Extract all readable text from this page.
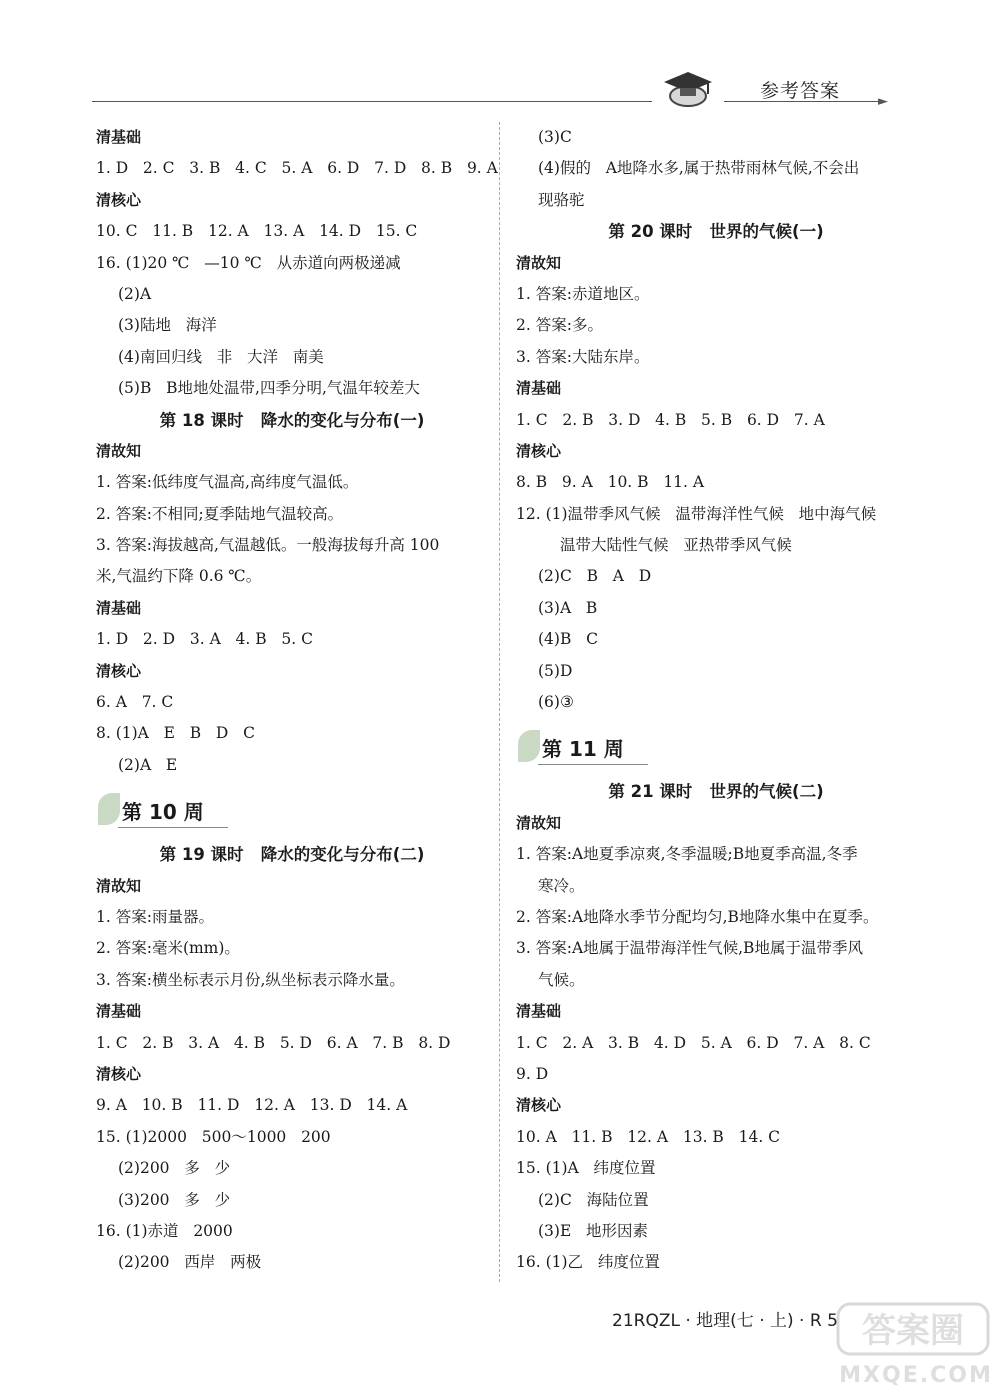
参考答案	►
清基础
1. D   2. C   3. B   4. C   5. A   6. D   7. D   8. B   9. A
清核心
10. C   11. B   12. A   13. A   14. D   15. C
16. (1)20 ℃   —10 ℃   从赤道向两极递减
(2)A
(3)陆地   海洋
(4)南回归线   非   大洋   南美
(5)B   B地地处温带,四季分明,气温年较差大
第 18 课时   降水的变化与分布(一)
清故知
1. 答案:低纬度气温高,高纬度气温低。
2. 答案:不相同;夏季陆地气温较高。
3. 答案:海拔越高,气温越低。一般海拔每升高 100
米,气温约下降 0.6 ℃。
清基础
1. D   2. D   3. A   4. B   5. C
清核心
6. A   7. C
8. (1)A   E   B   D   C
(2)A   E
第 10 周
第 19 课时   降水的变化与分布(二)
清故知
1. 答案:雨量器。
2. 答案:毫米(mm)。
3. 答案:横坐标表示月份,纵坐标表示降水量。
清基础
1. C   2. B   3. A   4. B   5. D   6. A   7. B   8. D
清核心
9. A   10. B   11. D   12. A   13. D   14. A
15. (1)2000   500～1000   200
(2)200   多   少
(3)200   多   少
16. (1)赤道   2000
(2)200   西岸   两极
(3)C
(4)假的   A地降水多,属于热带雨林气候,不会出
现骆驼
第 20 课时   世界的气候(一)
清故知
1. 答案:赤道地区。
2. 答案:多。
3. 答案:大陆东岸。
清基础
1. C   2. B   3. D   4. B   5. B   6. D   7. A
清核心
8. B   9. A   10. B   11. A
12. (1)温带季风气候   温带海洋性气候   地中海气候
温带大陆性气候   亚热带季风气候
(2)C   B   A   D
(3)A   B
(4)B   C
(5)D
(6)③
第 11 周
第 21 课时   世界的气候(二)
清故知
1. 答案:A地夏季凉爽,冬季温暖;B地夏季高温,冬季
寒冷。
2. 答案:A地降水季节分配均匀,B地降水集中在夏季。
3. 答案:A地属于温带海洋性气候,B地属于温带季风
气候。
清基础
1. C   2. A   3. B   4. D   5. A   6. D   7. A   8. C
9. D
清核心
10. A   11. B   12. A   13. B   14. C
15. (1)A   纬度位置
(2)C   海陆位置
(3)E   地形因素
16. (1)乙   纬度位置
21RQZL · 地理(七 · 上) · R 5 答案圈
MXQE.COM
